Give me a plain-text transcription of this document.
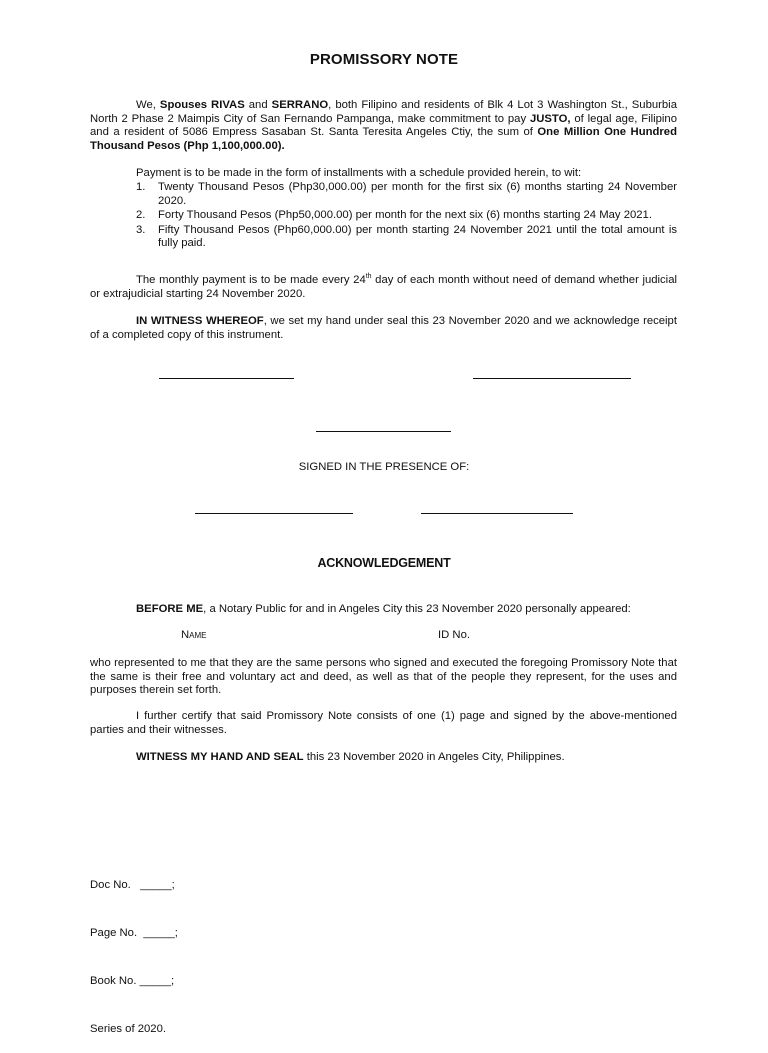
PROMISSORY NOTE
We, Spouses RIVAS and SERRANO, both Filipino and residents of Blk 4 Lot 3 Washington St., Suburbia North 2 Phase 2 Maimpis City of San Fernando Pampanga, make commitment to pay JUSTO, of legal age, Filipino and a resident of 5086 Empress Sasaban St. Santa Teresita Angeles Ctiy, the sum of One Million One Hundred Thousand Pesos (Php 1,100,000.00).
Payment is to be made in the form of installments with a schedule provided herein, to wit:
1. Twenty Thousand Pesos (Php30,000.00) per month for the first six (6) months starting 24 November 2020.
2. Forty Thousand Pesos (Php50,000.00) per month for the next six (6) months starting 24 May 2021.
3. Fifty Thousand Pesos (Php60,000.00) per month starting 24 November 2021 until the total amount is fully paid.
The monthly payment is to be made every 24th day of each month without need of demand whether judicial or extrajudicial starting 24 November 2020.
IN WITNESS WHEREOF, we set my hand under seal this 23 November 2020 and we acknowledge receipt of a completed copy of this instrument.
SIGNED IN THE PRESENCE OF:
ACKNOWLEDGEMENT
BEFORE ME, a Notary Public for and in Angeles City this 23 November 2020 personally appeared:
Name	ID No.
who represented to me that they are the same persons who signed and executed the foregoing Promissory Note that the same is their free and voluntary act and deed, as well as that of the people they represent, for the uses and purposes therein set forth.
I further certify that said Promissory Note consists of one (1) page and signed by the above-mentioned parties and their witnesses.
WITNESS MY HAND AND SEAL this 23 November 2020 in Angeles City, Philippines.

Doc No.   _____;

Page No.  _____;

Book No. _____;

Series of 2020.
